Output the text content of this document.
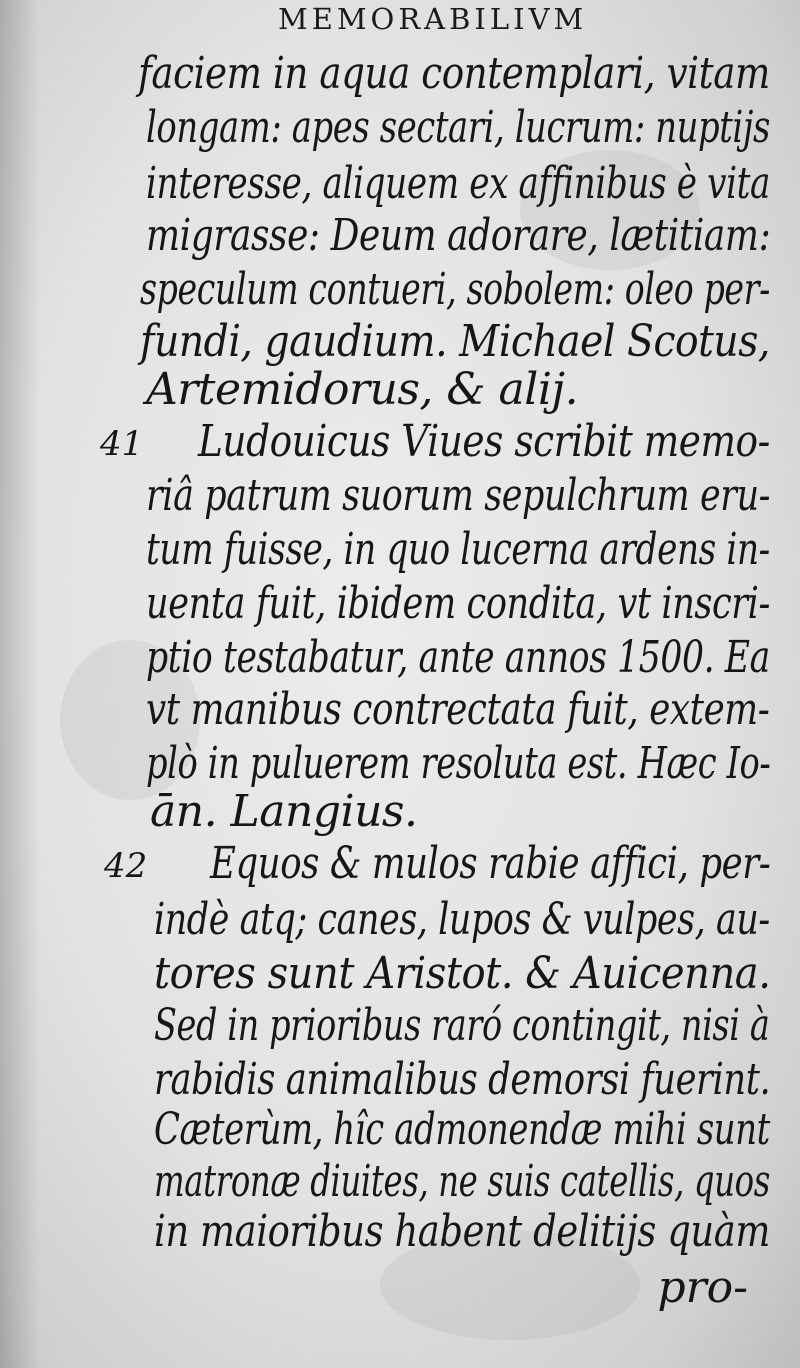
MEMORABILIVM
faciem in aqua contemplari, vitam
longam: apes sectari, lucrum: nuptijs
interesse, aliquem ex affinibus è vita
migrasse: Deum adorare, lætitiam:
speculum contueri, sobolem: oleo per-
fundi, gaudium. Michael Scotus,
Artemidorus, & alij.
41 Ludouicus Viues scribit memo-
riâ patrum suorum sepulchrum eru-
tum fuisse, in quo lucerna ardens in-
uenta fuit, ibidem condita, vt inscri-
ptio testabatur, ante annos 1500. Ea
vt manibus contrectata fuit, extem-
plò in puluerem resoluta est. Hæc Io-
ān. Langius.
42 Equos & mulos rabie affici, per-
indè atq; canes, lupos & vulpes, au-
tores sunt Aristot. & Auicenna.
Sed in prioribus raró contingit, nisi à
rabidis animalibus demorsi fuerint.
Cæterùm, hîc admonendæ mihi sunt
matronæ diuites, ne suis catellis, quos
in maioribus habent delitijs quàm
pro-
